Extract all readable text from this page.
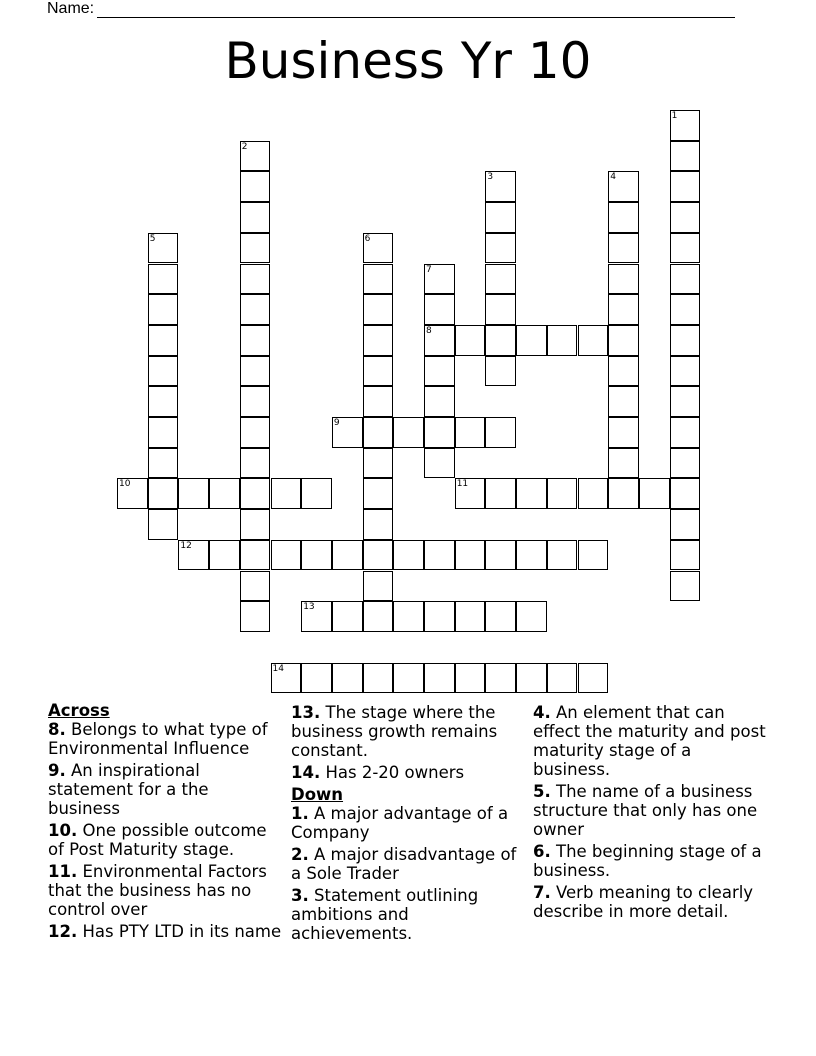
Name:
Business Yr 10
1
2
3	4
5	6
7
8
9
10	11
12
13
14
Across
8. Belongs to what type of Environmental Influence
9. An inspirational statement for a the business
10. One possible outcome of Post Maturity stage.
11. Environmental Factors that the business has no control over
12. Has PTY LTD in its name
13. The stage where the business growth remains constant.
14. Has 2-20 owners
Down
1. A major advantage of a Company
2. A major disadvantage of a Sole Trader
3. Statement outlining ambitions and achievements.
4. An element that can effect the maturity and post maturity stage of a business.
5. The name of a business structure that only has one owner
6. The beginning stage of a business.
7. Verb meaning to clearly describe in more detail.
